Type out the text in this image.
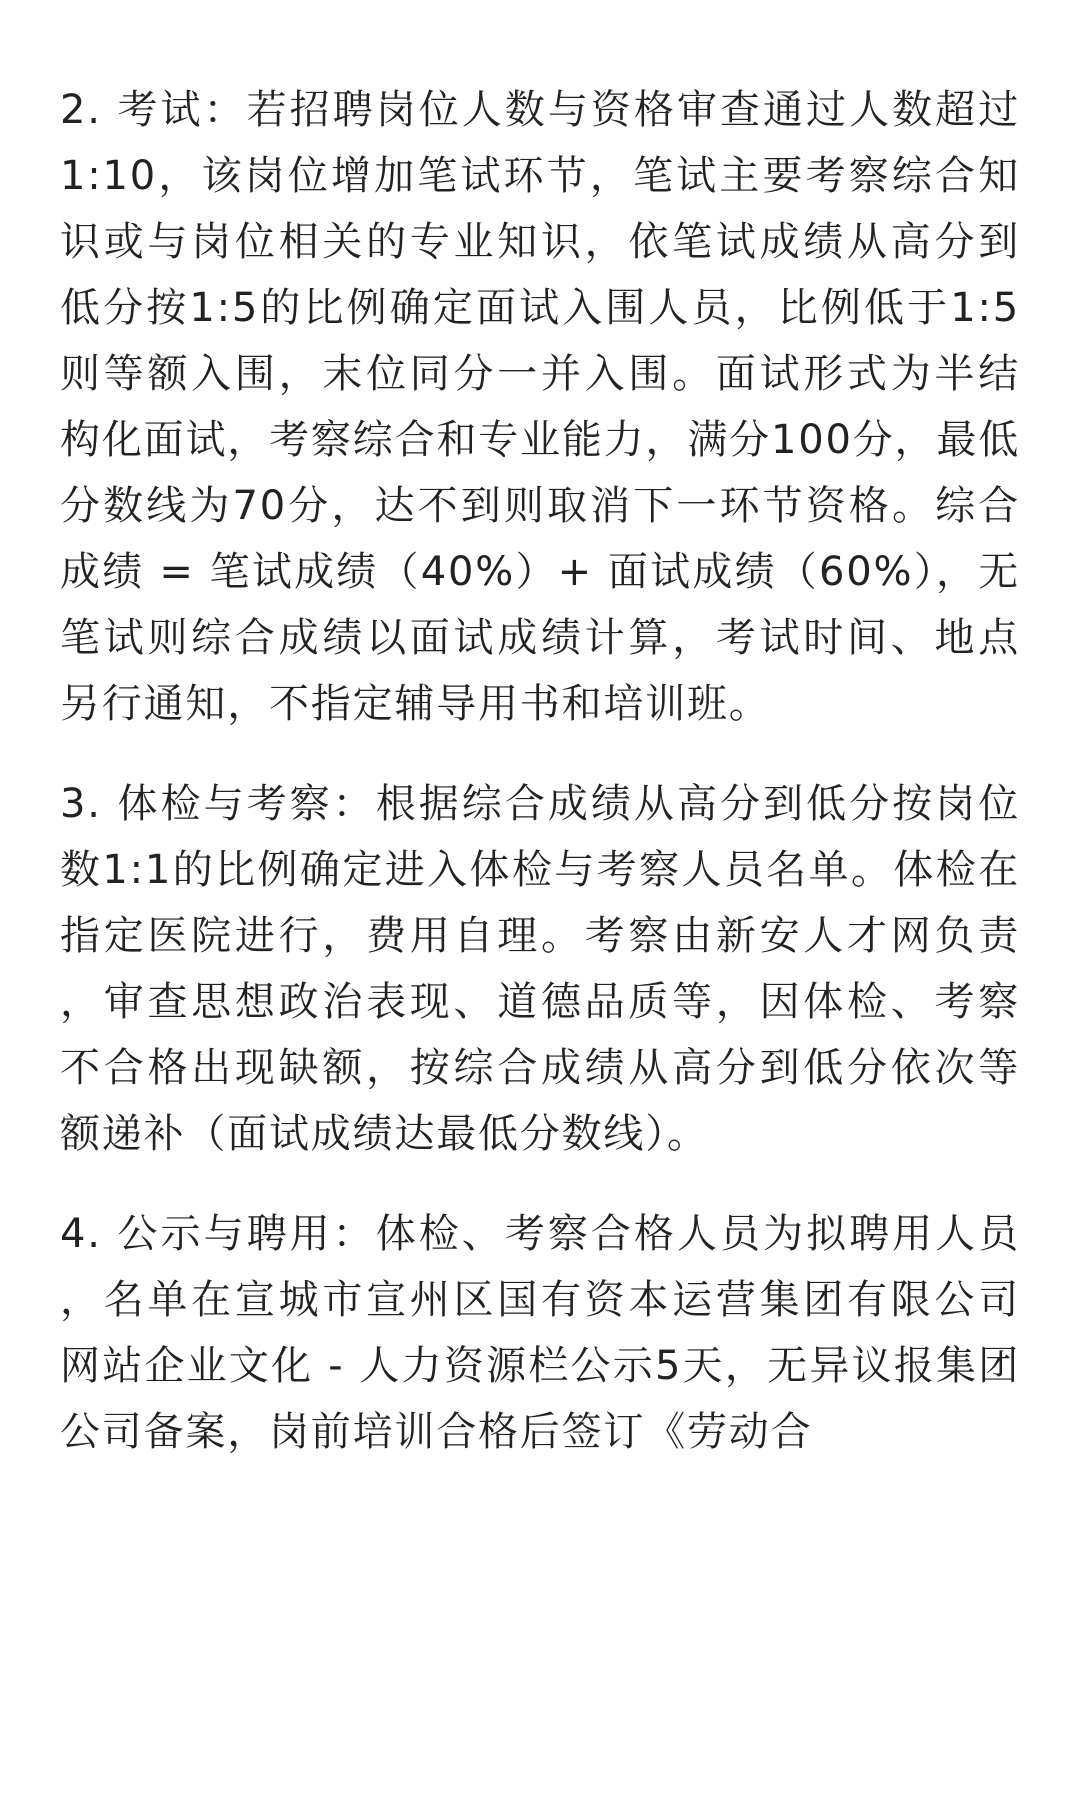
2. 考试：若招聘岗位人数与资格审查通过人数超过1:10，该岗位增加笔试环节，笔试主要考察综合知识或与岗位相关的专业知识，依笔试成绩从高分到低分按1:5的比例确定面试入围人员，比例低于1:5则等额入围，末位同分一并入围。面试形式为半结构化面试，考察综合和专业能力，满分100分，最低分数线为70分，达不到则取消下一环节资格。综合成绩 = 笔试成绩（40%）+ 面试成绩（60%），无笔试则综合成绩以面试成绩计算，考试时间、地点另行通知，不指定辅导用书和培训班。

3. 体检与考察：根据综合成绩从高分到低分按岗位数1:1的比例确定进入体检与考察人员名单。体检在指定医院进行，费用自理。考察由新安人才网负责，审查思想政治表现、道德品质等，因体检、考察不合格出现缺额，按综合成绩从高分到低分依次等额递补（面试成绩达最低分数线）。

4. 公示与聘用：体检、考察合格人员为拟聘用人员，名单在宣城市宣州区国有资本运营集团有限公司网站企业文化 - 人力资源栏公示5天，无异议报集团公司备案，岗前培训合格后签订《劳动合
